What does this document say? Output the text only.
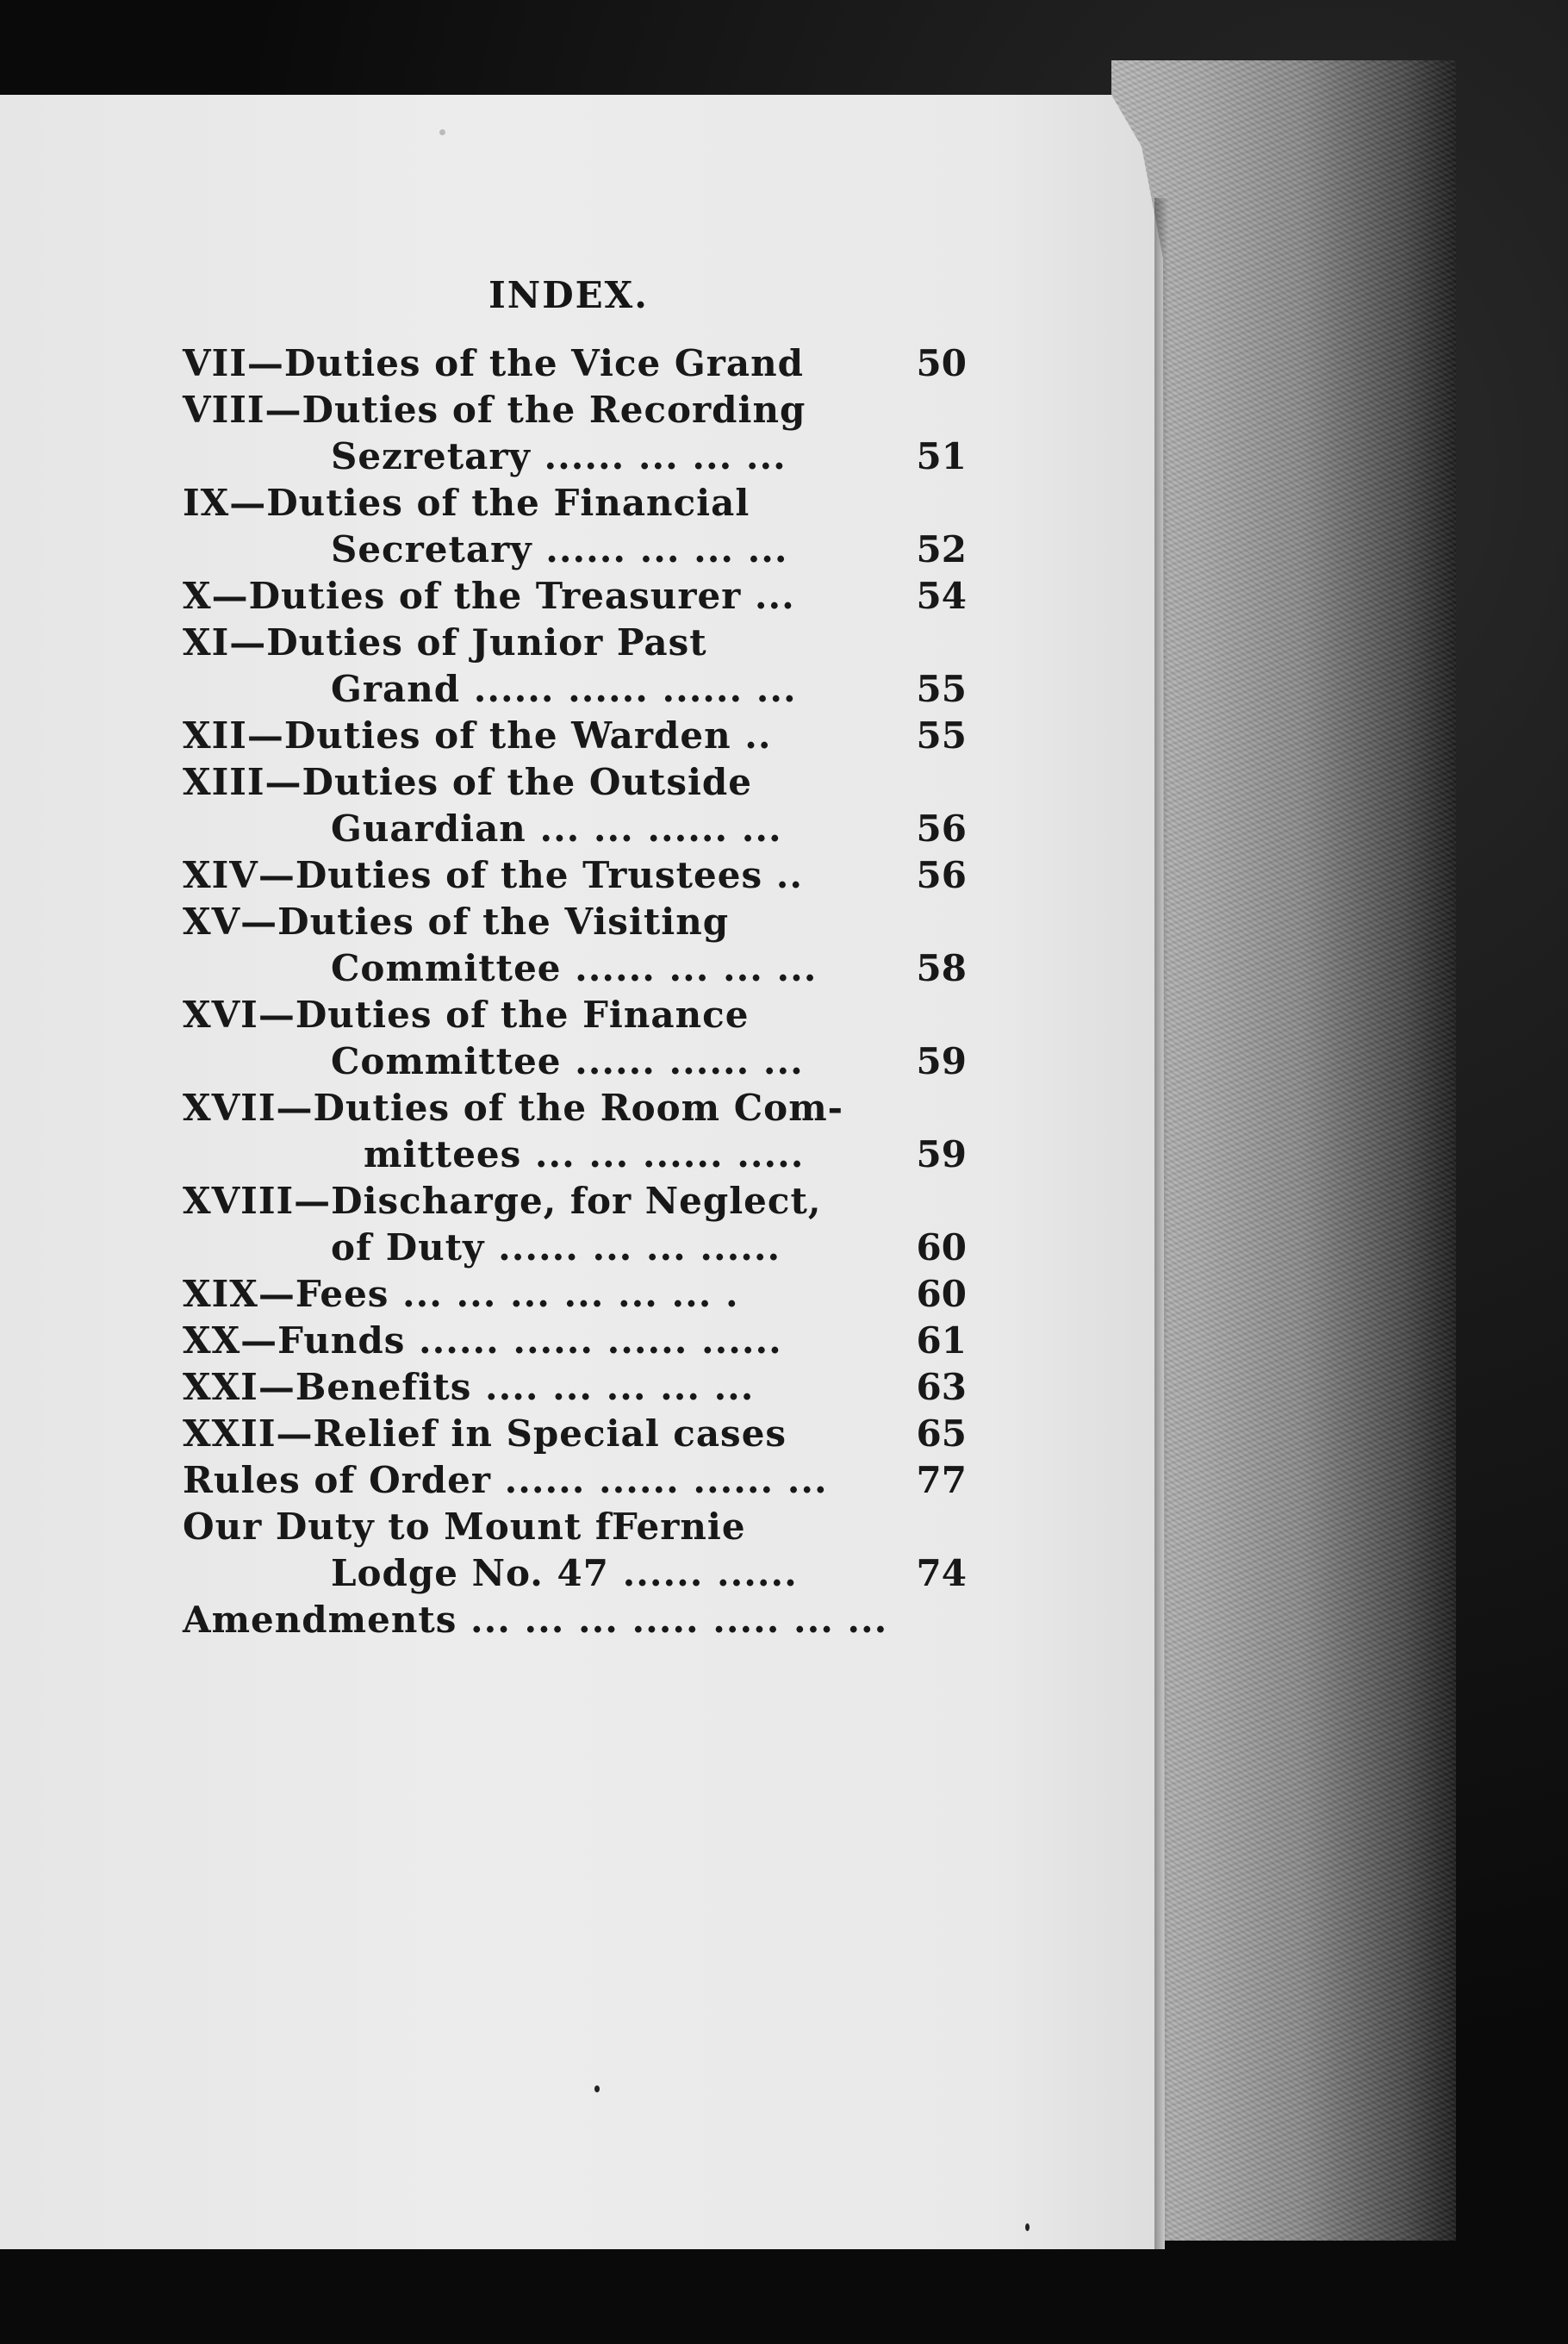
INDEX.
VII—Duties of the Vice Grand	50
VIII—Duties of the Recording
Sezretary ...... ... ... ...	51
IX—Duties of the Financial
Secretary ...... ... ... ...	52
X—Duties of the Treasurer ...	54
XI—Duties of Junior Past
Grand ...... ...... ...... ...	55
XII—Duties of the Warden ..	55
XIII—Duties of the Outside
Guardian ... ... ...... ...	56
XIV—Duties of the Trustees ..	56
XV—Duties of the Visiting
Committee ...... ... ... ...	58
XVI—Duties of the Finance
Committee ...... ...... ...	59
XVII—Duties of the Room Com-
mittees ... ... ...... .....	59
XVIII—Discharge, for Neglect,
of Duty ...... ... ... ......	60
XIX—Fees ... ... ... ... ... ... .	60
XX—Funds ...... ...... ...... ......	61
XXI—Benefits .... ... ... ... ...	63
XXII—Relief in Special cases	65
Rules of Order ...... ...... ...... ... 77
Our Duty to Mount fFernie
Lodge No. 47 ...... ......	74
Amendments ... ... ... ..... ..... ... ...
